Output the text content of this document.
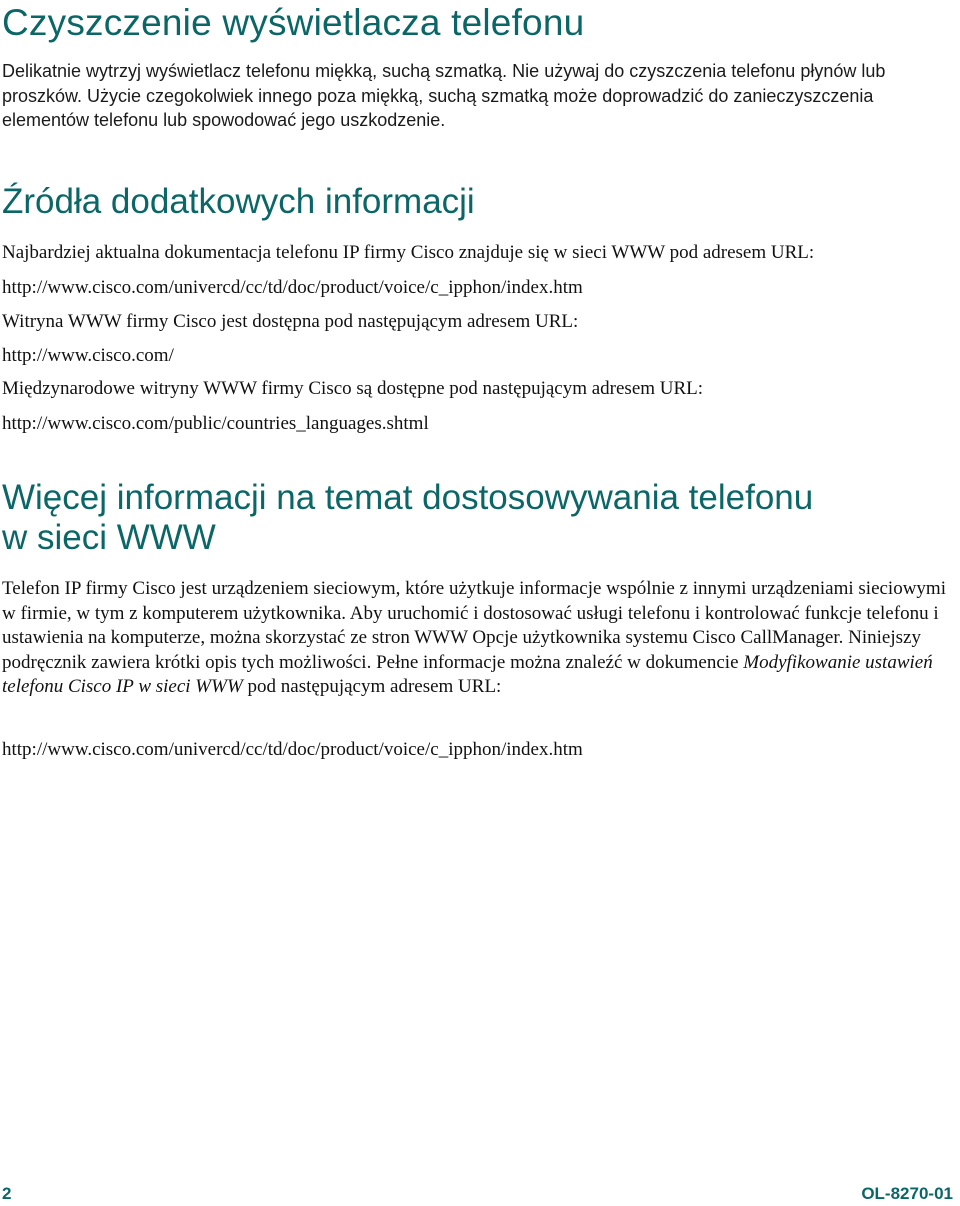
Czyszczenie wyświetlacza telefonu

Delikatnie wytrzyj wyświetlacz telefonu miękką, suchą szmatką. Nie używaj do czyszczenia telefonu płynów lub proszków. Użycie czegokolwiek innego poza miękką, suchą szmatką może doprowadzić do zanieczyszczenia elementów telefonu lub spowodować jego uszkodzenie.

Źródła dodatkowych informacji

Najbardziej aktualna dokumentacja telefonu IP firmy Cisco znajduje się w sieci WWW pod adresem URL:

http://www.cisco.com/univercd/cc/td/doc/product/voice/c_ipphon/index.htm

Witryna WWW firmy Cisco jest dostępna pod następującym adresem URL:

http://www.cisco.com/

Międzynarodowe witryny WWW firmy Cisco są dostępne pod następującym adresem URL:

http://www.cisco.com/public/countries_languages.shtml

Więcej informacji na temat dostosowywania telefonu
w sieci WWW

Telefon IP firmy Cisco jest urządzeniem sieciowym, które użytkuje informacje wspólnie z innymi urządzeniami sieciowymi w firmie, w tym z komputerem użytkownika. Aby uruchomić i dostosować usługi telefonu i kontrolować funkcje telefonu i ustawienia na komputerze, można skorzystać ze stron WWW Opcje użytkownika systemu Cisco CallManager. Niniejszy podręcznik zawiera krótki opis tych możliwości. Pełne informacje można znaleźć w dokumencie Modyfikowanie ustawień telefonu Cisco IP w sieci WWW pod następującym adresem URL:

http://www.cisco.com/univercd/cc/td/doc/product/voice/c_ipphon/index.htm

2	OL-8270-01
